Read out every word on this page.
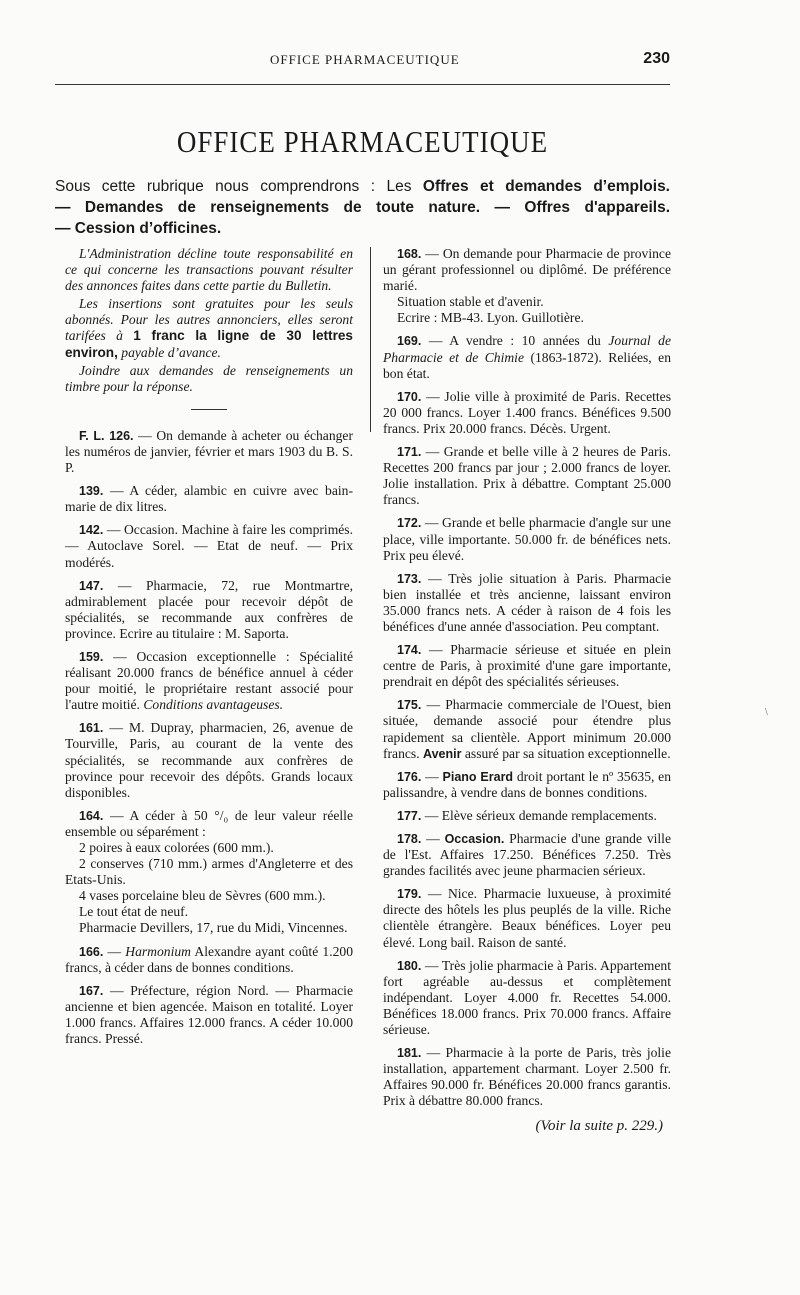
OFFICE PHARMACEUTIQUE	230
OFFICE PHARMACEUTIQUE
Sous cette rubrique nous comprendrons : Les Offres et demandes d’emplois.
— Demandes de renseignements de toute nature. — Offres d'appareils.
— Cession d’officines.

L'Administration décline toute responsabilité en ce qui concerne les transactions pouvant résulter des annonces faites dans cette partie du Bulletin.

Les insertions sont gratuites pour les seuls abonnés. Pour les autres annonciers, elles seront tarifées à 1 franc la ligne de 30 lettres environ, payable d’avance.

Joindre aux demandes de renseignements un timbre pour la réponse.

F. L. 126. — On demande à acheter ou échanger les numéros de janvier, février et mars 1903 du B. S. P.
139. — A céder, alambic en cuivre avec bain-marie de dix litres.
142. — Occasion. Machine à faire les comprimés. — Autoclave Sorel. — Etat de neuf. — Prix modérés.
147. — Pharmacie, 72, rue Montmartre, admirablement placée pour recevoir dépôt de spécialités, se recommande aux confrères de province. Ecrire au titulaire : M. Saporta.
159. — Occasion exceptionnelle : Spécialité réalisant 20.000 francs de bénéfice annuel à céder pour moitié, le propriétaire restant associé pour l'autre moitié. Conditions avantageuses.
161. — M. Dupray, pharmacien, 26, avenue de Tourville, Paris, au courant de la vente des spécialités, se recommande aux confrères de province pour recevoir des dépôts. Grands locaux disponibles.
164. — A céder à 50 °/₀ de leur valeur réelle ensemble ou séparément :
2 poires à eaux colorées (600 mm.).
2 conserves (710 mm.) armes d'Angleterre et des Etats-Unis.
4 vases porcelaine bleu de Sèvres (600 mm.).
Le tout état de neuf.
Pharmacie Devillers, 17, rue du Midi, Vincennes.
166. — Harmonium Alexandre ayant coûté 1.200 francs, à céder dans de bonnes conditions.
167. — Préfecture, région Nord. — Pharmacie ancienne et bien agencée. Maison en totalité. Loyer 1.000 francs. Affaires 12.000 francs. A céder 10.000 francs. Pressé.
168. — On demande pour Pharmacie de province un gérant professionnel ou diplômé. De préférence marié.
Situation stable et d'avenir.
Ecrire : MB-43. Lyon. Guillotière.
169. — A vendre : 10 années du Journal de Pharmacie et de Chimie (1863-1872). Reliées, en bon état.
170. — Jolie ville à proximité de Paris. Recettes 20 000 francs. Loyer 1.400 francs. Bénéfices 9.500 francs. Prix 20.000 francs. Décès. Urgent.
171. — Grande et belle ville à 2 heures de Paris. Recettes 200 francs par jour ; 2.000 francs de loyer. Jolie installation. Prix à débattre. Comptant 25.000 francs.
172. — Grande et belle pharmacie d'angle sur une place, ville importante. 50.000 fr. de bénéfices nets. Prix peu élevé.
173. — Très jolie situation à Paris. Pharmacie bien installée et très ancienne, laissant environ 35.000 francs nets. A céder à raison de 4 fois les bénéfices d'une année d'association. Peu comptant.
174. — Pharmacie sérieuse et située en plein centre de Paris, à proximité d'une gare importante, prendrait en dépôt des spécialités sérieuses.
175. — Pharmacie commerciale de l'Ouest, bien située, demande associé pour étendre plus rapidement sa clientèle. Apport minimum 20.000 francs. Avenir assuré par sa situation exceptionnelle.
176. — Piano Erard droit portant le nº 35635, en palissandre, à vendre dans de bonnes conditions.
177. — Elève sérieux demande remplacements.
178. — Occasion. Pharmacie d'une grande ville de l'Est. Affaires 17.250. Bénéfices 7.250. Très grandes facilités avec jeune pharmacien sérieux.
179. — Nice. Pharmacie luxueuse, à proximité directe des hôtels les plus peuplés de la ville. Riche clientèle étrangère. Beaux bénéfices. Loyer peu élevé. Long bail. Raison de santé.
180. — Très jolie pharmacie à Paris. Appartement fort agréable au-dessus et complètement indépendant. Loyer 4.000 fr. Recettes 54.000. Bénéfices 18.000 francs. Prix 70.000 francs. Affaire sérieuse.
181. — Pharmacie à la porte de Paris, très jolie installation, appartement charmant. Loyer 2.500 fr. Affaires 90.000 fr. Bénéfices 20.000 francs garantis. Prix à débattre 80.000 francs.
(Voir la suite p. 229.)
\
